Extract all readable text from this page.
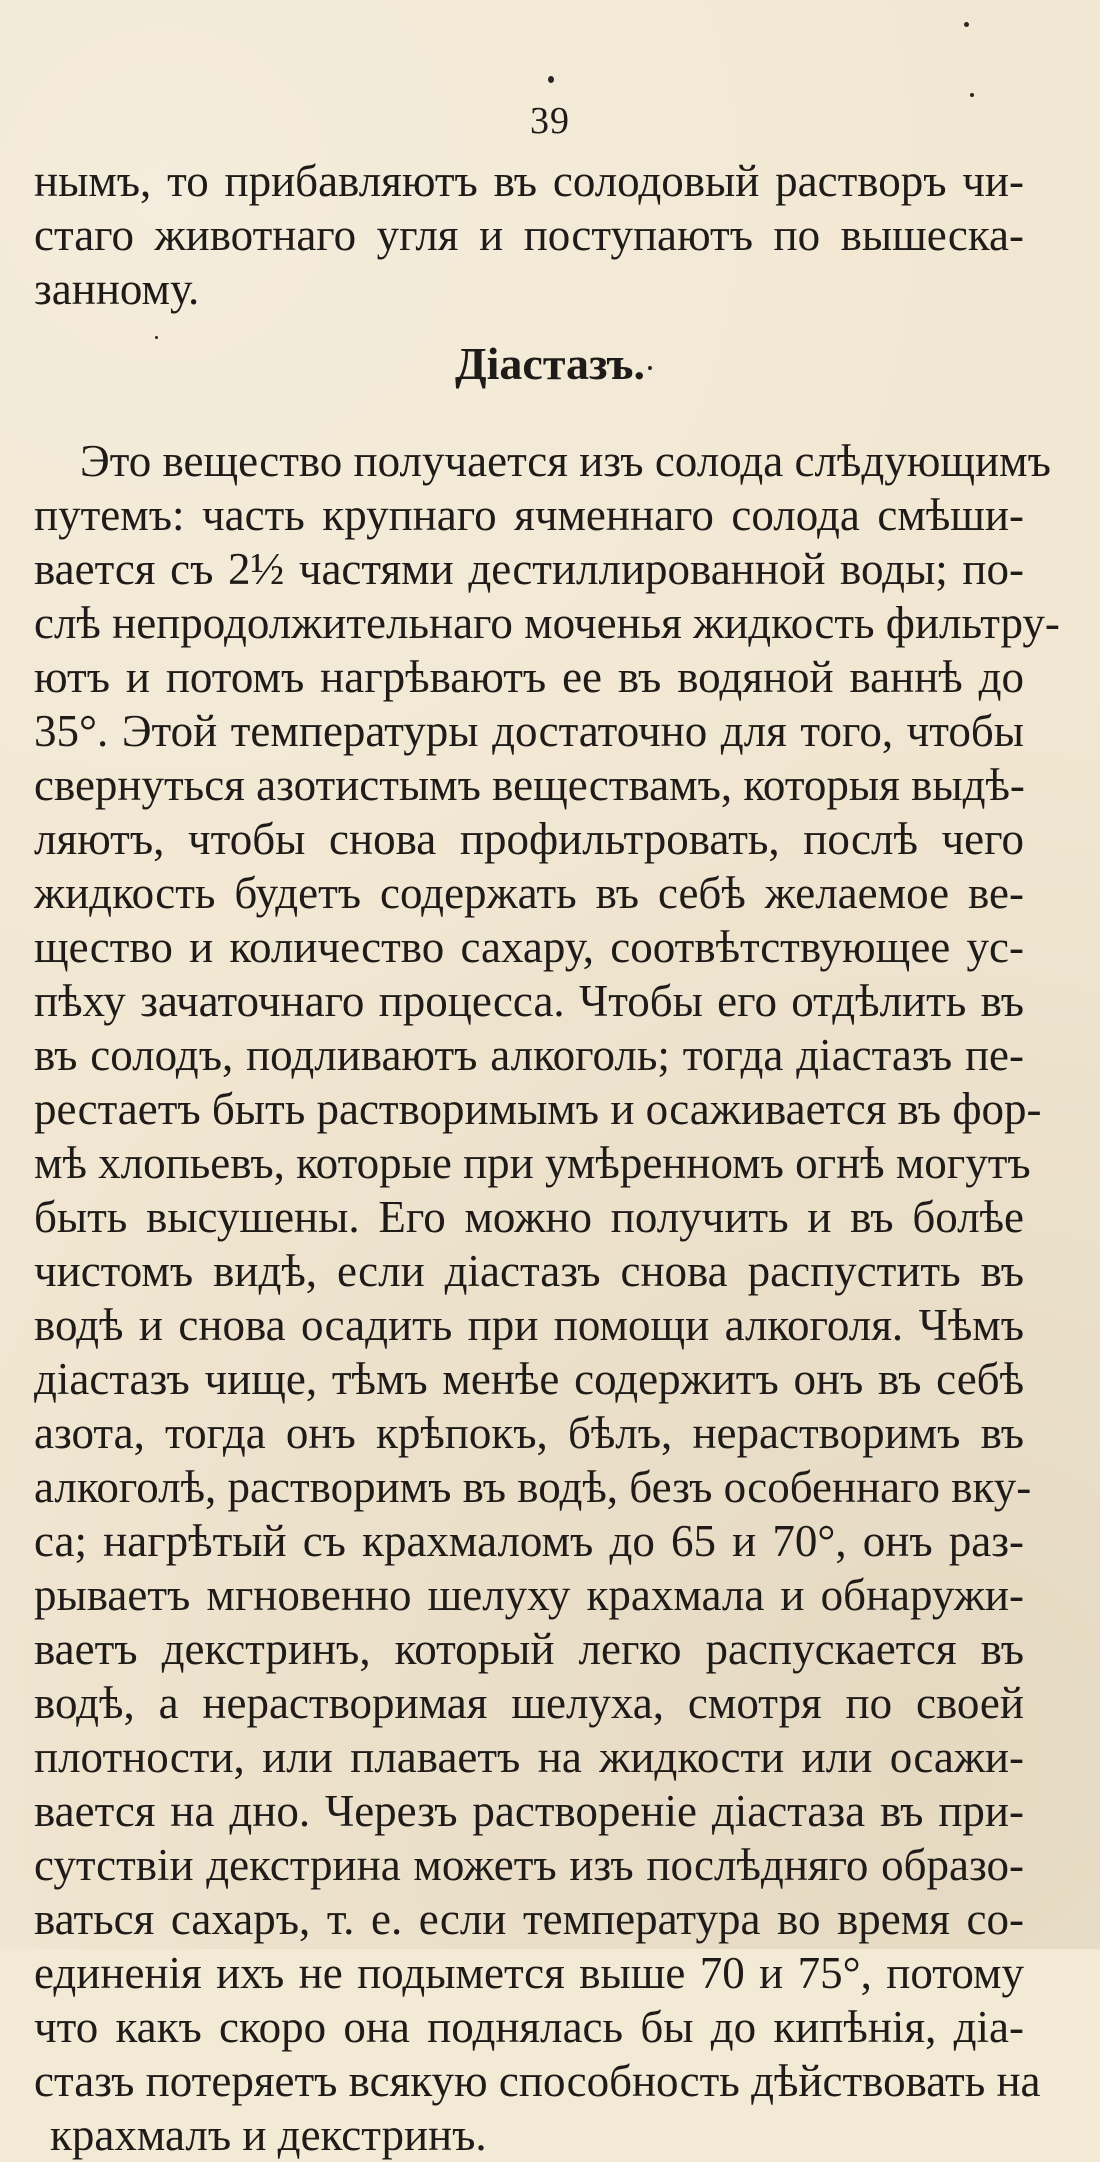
39
нымъ, то прибавляютъ въ солодовый растворъ чи-
стаго животнаго угля и поступаютъ по вышеска-
занному.
Діастазъ.
Это вещество получается изъ солода слѣдующимъ
путемъ: часть крупнаго ячменнаго солода смѣши-
вается съ 2½ частями дестиллированной воды; по-
слѣ непродолжительнаго моченья жидкость фильтру-
ютъ и потомъ нагрѣваютъ ее въ водяной ваннѣ до
35°. Этой температуры достаточно для того, чтобы
свернуться азотистымъ веществамъ, которыя выдѣ-
ляютъ, чтобы снова профильтровать, послѣ чего
жидкость будетъ содержать въ себѣ желаемое ве-
щество и количество сахару, соотвѣтствующее ус-
пѣху зачаточнаго процесса. Чтобы его отдѣлить въ
въ солодъ, подливаютъ алкоголь; тогда діастазъ пе-
рестаетъ быть растворимымъ и осаживается въ фор-
мѣ хлопьевъ, которые при умѣренномъ огнѣ могутъ
быть высушены. Его можно получить и въ болѣе
чистомъ видѣ, если діастазъ снова распустить въ
водѣ и снова осадить при помощи алкоголя. Чѣмъ
діастазъ чище, тѣмъ менѣе содержитъ онъ въ себѣ
азота, тогда онъ крѣпокъ, бѣлъ, нерастворимъ въ
алкоголѣ, растворимъ въ водѣ, безъ особеннаго вку-
са; нагрѣтый съ крахмаломъ до 65 и 70°, онъ раз-
рываетъ мгновенно шелуху крахмала и обнаружи-
ваетъ декстринъ, который легко распускается въ
водѣ, а нерастворимая шелуха, смотря по своей
плотности, или плаваетъ на жидкости или осажи-
вается на дно. Черезъ раствореніе діастаза въ при-
сутствіи декстрина можетъ изъ послѣдняго образо-
ваться сахаръ, т. е. если температура во время со-
единенія ихъ не подымется выше 70 и 75°, потому
что какъ скоро она поднялась бы до кипѣнія, діа-
стазъ потеряетъ всякую способность дѣйствовать на
крахмалъ и декстринъ.
